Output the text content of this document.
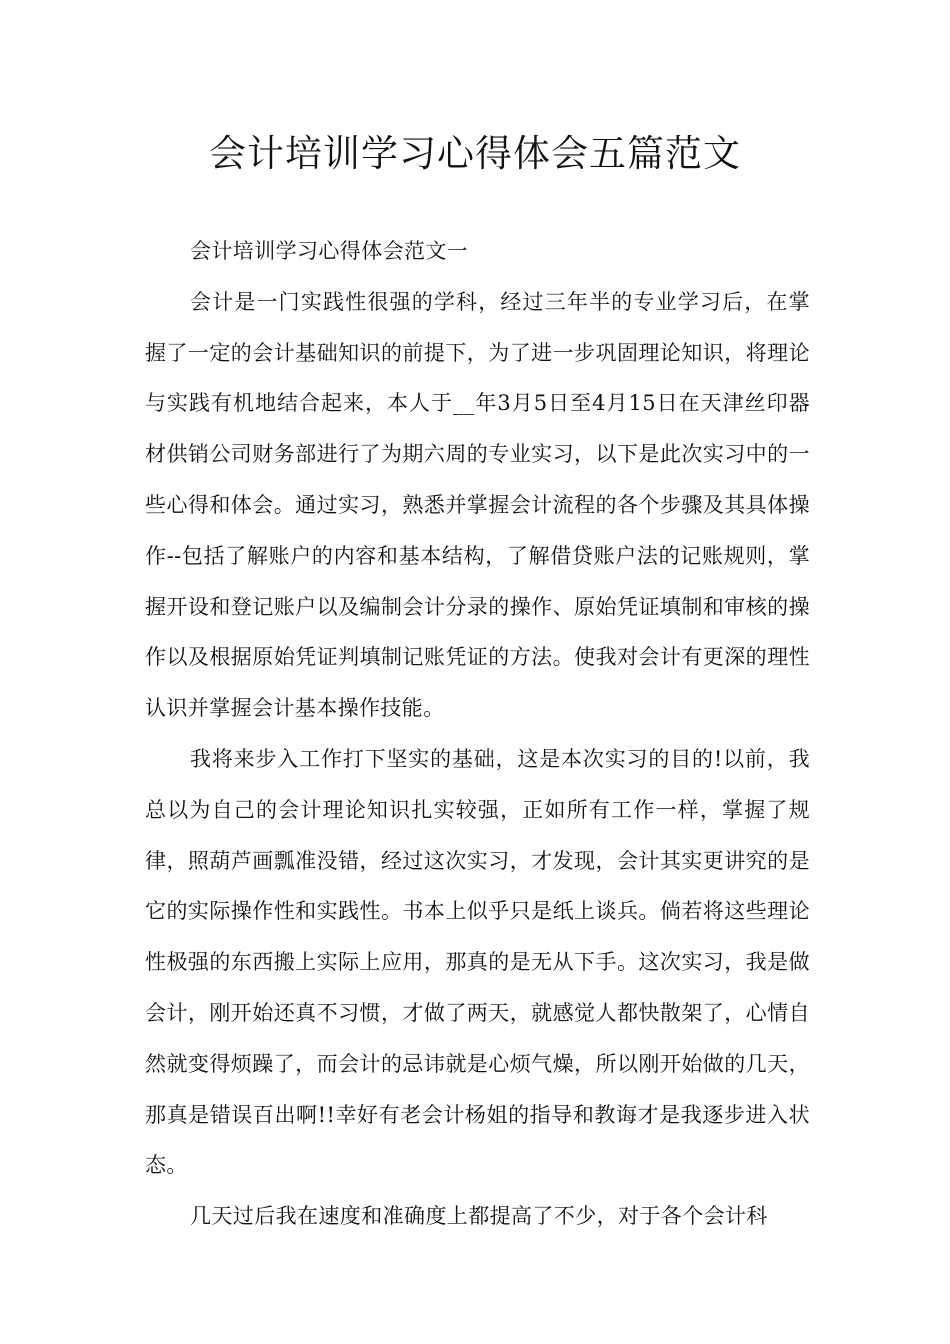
会计培训学习心得体会五篇范文

会计培训学习心得体会范文一

会计是一门实践性很强的学科，经过三年半的专业学习后，在掌握了一定的会计基础知识的前提下，为了进一步巩固理论知识，将理论与实践有机地结合起来，本人于__年3月5日至4月15日在天津丝印器材供销公司财务部进行了为期六周的专业实习，以下是此次实习中的一些心得和体会。通过实习，熟悉并掌握会计流程的各个步骤及其具体操作--包括了解账户的内容和基本结构，了解借贷账户法的记账规则，掌握开设和登记账户以及编制会计分录的操作、原始凭证填制和审核的操作以及根据原始凭证判填制记账凭证的方法。使我对会计有更深的理性认识并掌握会计基本操作技能。

我将来步入工作打下坚实的基础，这是本次实习的目的!以前，我总以为自己的会计理论知识扎实较强，正如所有工作一样，掌握了规律，照葫芦画瓢准没错，经过这次实习，才发现，会计其实更讲究的是它的实际操作性和实践性。书本上似乎只是纸上谈兵。倘若将这些理论性极强的东西搬上实际上应用，那真的是无从下手。这次实习，我是做会计，刚开始还真不习惯，才做了两天，就感觉人都快散架了，心情自然就变得烦躁了，而会计的忌讳就是心烦气燥，所以刚开始做的几天，那真是错误百出啊!!幸好有老会计杨姐的指导和教诲才是我逐步进入状态。

几天过后我在速度和准确度上都提高了不少，对于各个会计科
